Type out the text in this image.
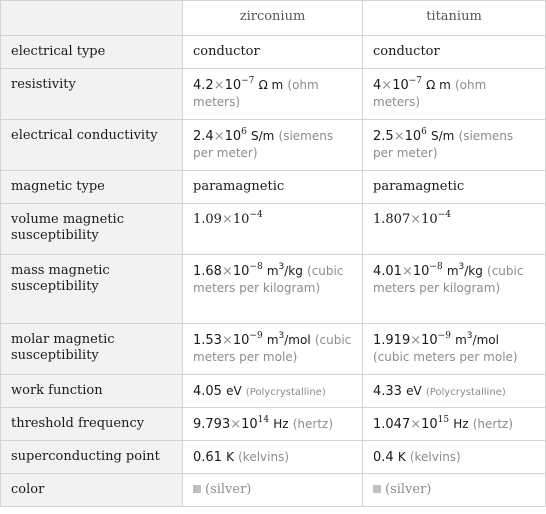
	zirconium	titanium
electrical type	conductor	conductor
resistivity	$4.2\times 10^{-7}$ Ω m (ohm meters)	$4\times 10^{-7}$ Ω m (ohm meters)
electrical conductivity	$2.4\times 10^6$ S/m (siemens per meter)	$2.5\times 10^6$ S/m (siemens per meter)
magnetic type	paramagnetic	paramagnetic
volume magnetic susceptibility	$1.09\times 10^{-4}$	$1.807\times 10^{-4}$
mass magnetic susceptibility	$1.68\times 10^{-8}$ $m^3/kg$ (cubic meters per kilogram)	$4.01\times 10^{-8}$ $m^3/kg$ (cubic meters per kilogram)
molar magnetic susceptibility	$1.53\times 10^{-9}$ $m^3$/mol (cubic meters per mole)	$1.919\times 10^{-9}$ $m^3$/mol (cubic meters per mole)
work function	4.05 eV (Polycrystalline)	4.33 eV (Polycrystalline)
threshold frequency	$9.793\times 10^{14}$ Hz (hertz)	$1.047\times 10^{15}$ Hz (hertz)
superconducting point	0.61 K (kelvins)	0.4 K (kelvins)
color	(silver)	(silver)
